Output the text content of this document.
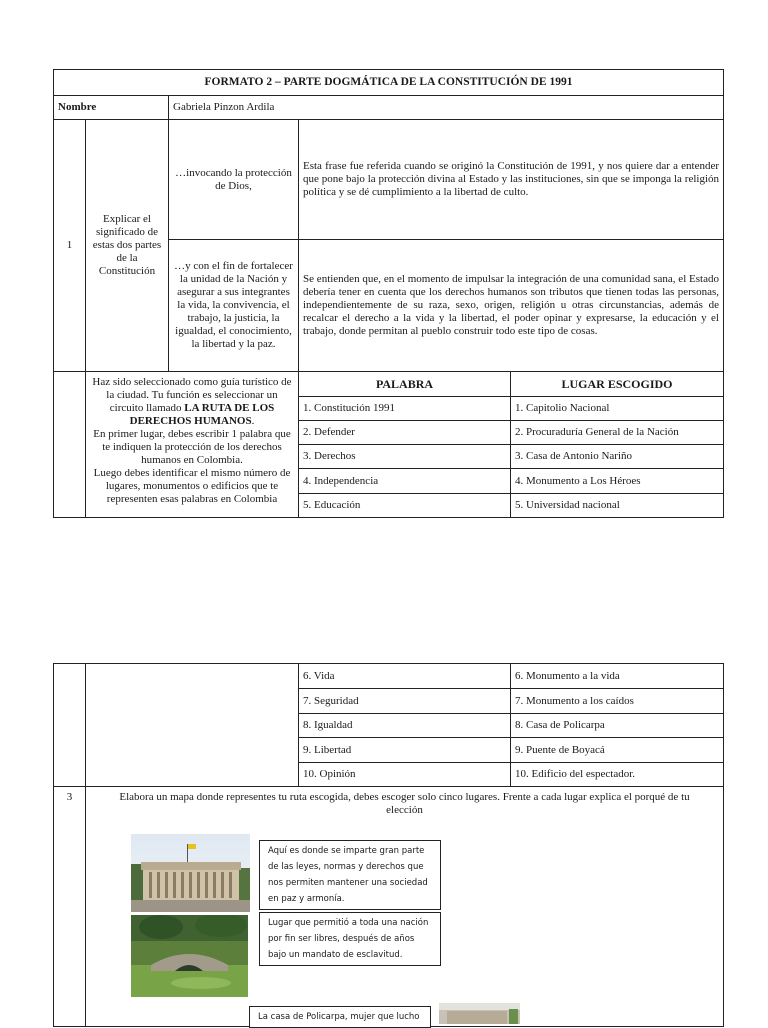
FORMATO 2 – PARTE DOGMÁTICA DE LA CONSTITUCIÓN DE 1991				
Nombre		Gabriela Pinzon Ardila		
1	Explicar el significado de estas dos partes de la Constitución	…invocando la protección de Dios,	Esta frase fue referida cuando se originó la Constitución de 1991, y nos quiere dar a entender que pone bajo la protección divina al Estado y las instituciones, sin que se imponga la religión política y se dé cumplimiento a la libertad de culto.	
		…y con el fin de fortalecer la unidad de la Nación y asegurar a sus integrantes la vida, la convivencia, el trabajo, la justicia, la igualdad, el conocimiento, la libertad y la paz.	Se entienden que, en el momento de impulsar la integración de una comunidad sana, el Estado debería tener en cuenta que los derechos humanos son tributos que tienen todas las personas, independientemente de su raza, sexo, origen, religión u otras circunstancias, además de recalcar el derecho a la vida y la libertad, el poder opinar y expresarse, la educación y el trabajo, donde permitan al pueblo construir todo este tipo de cosas.	
	Haz sido seleccionado como guía turístico de la ciudad. Tu función es seleccionar un circuito llamado LA RUTA DE LOS DERECHOS HUMANOS.
En primer lugar, debes escribir 1 palabra que te indiquen la protección de los derechos humanos en Colombia.
Luego debes identificar el mismo número de lugares, monumentos o edificios que te representen esas palabras en Colombia		PALABRA	LUGAR ESCOGIDO
			1. Constitución 1991	1. Capitolio Nacional
			2. Defender	2. Procuraduría General de la Nación
			3. Derechos	3. Casa de Antonio Nariño
			4. Independencia	4. Monumento a Los Héroes
			5. Educación	5. Universidad nacional
		6. Vida	6. Monumento a la vida
		7. Seguridad	7. Monumento a los caídos
		8. Igualdad	8. Casa de Policarpa
		9. Libertad	9. Puente de Boyacá
		10. Opinión	10. Edificio del espectador.
3	Elabora un mapa donde representes tu ruta escogida, debes escoger solo cinco lugares. Frente a cada lugar explica el porqué de tu elección		
Aquí es donde se imparte gran parte de las leyes, normas y derechos que nos permiten mantener una sociedad en paz y armonía.
Lugar que permitió a toda una nación por fin ser libres, después de años bajo un mandato de esclavitud.
La casa de Policarpa, mujer que lucho
